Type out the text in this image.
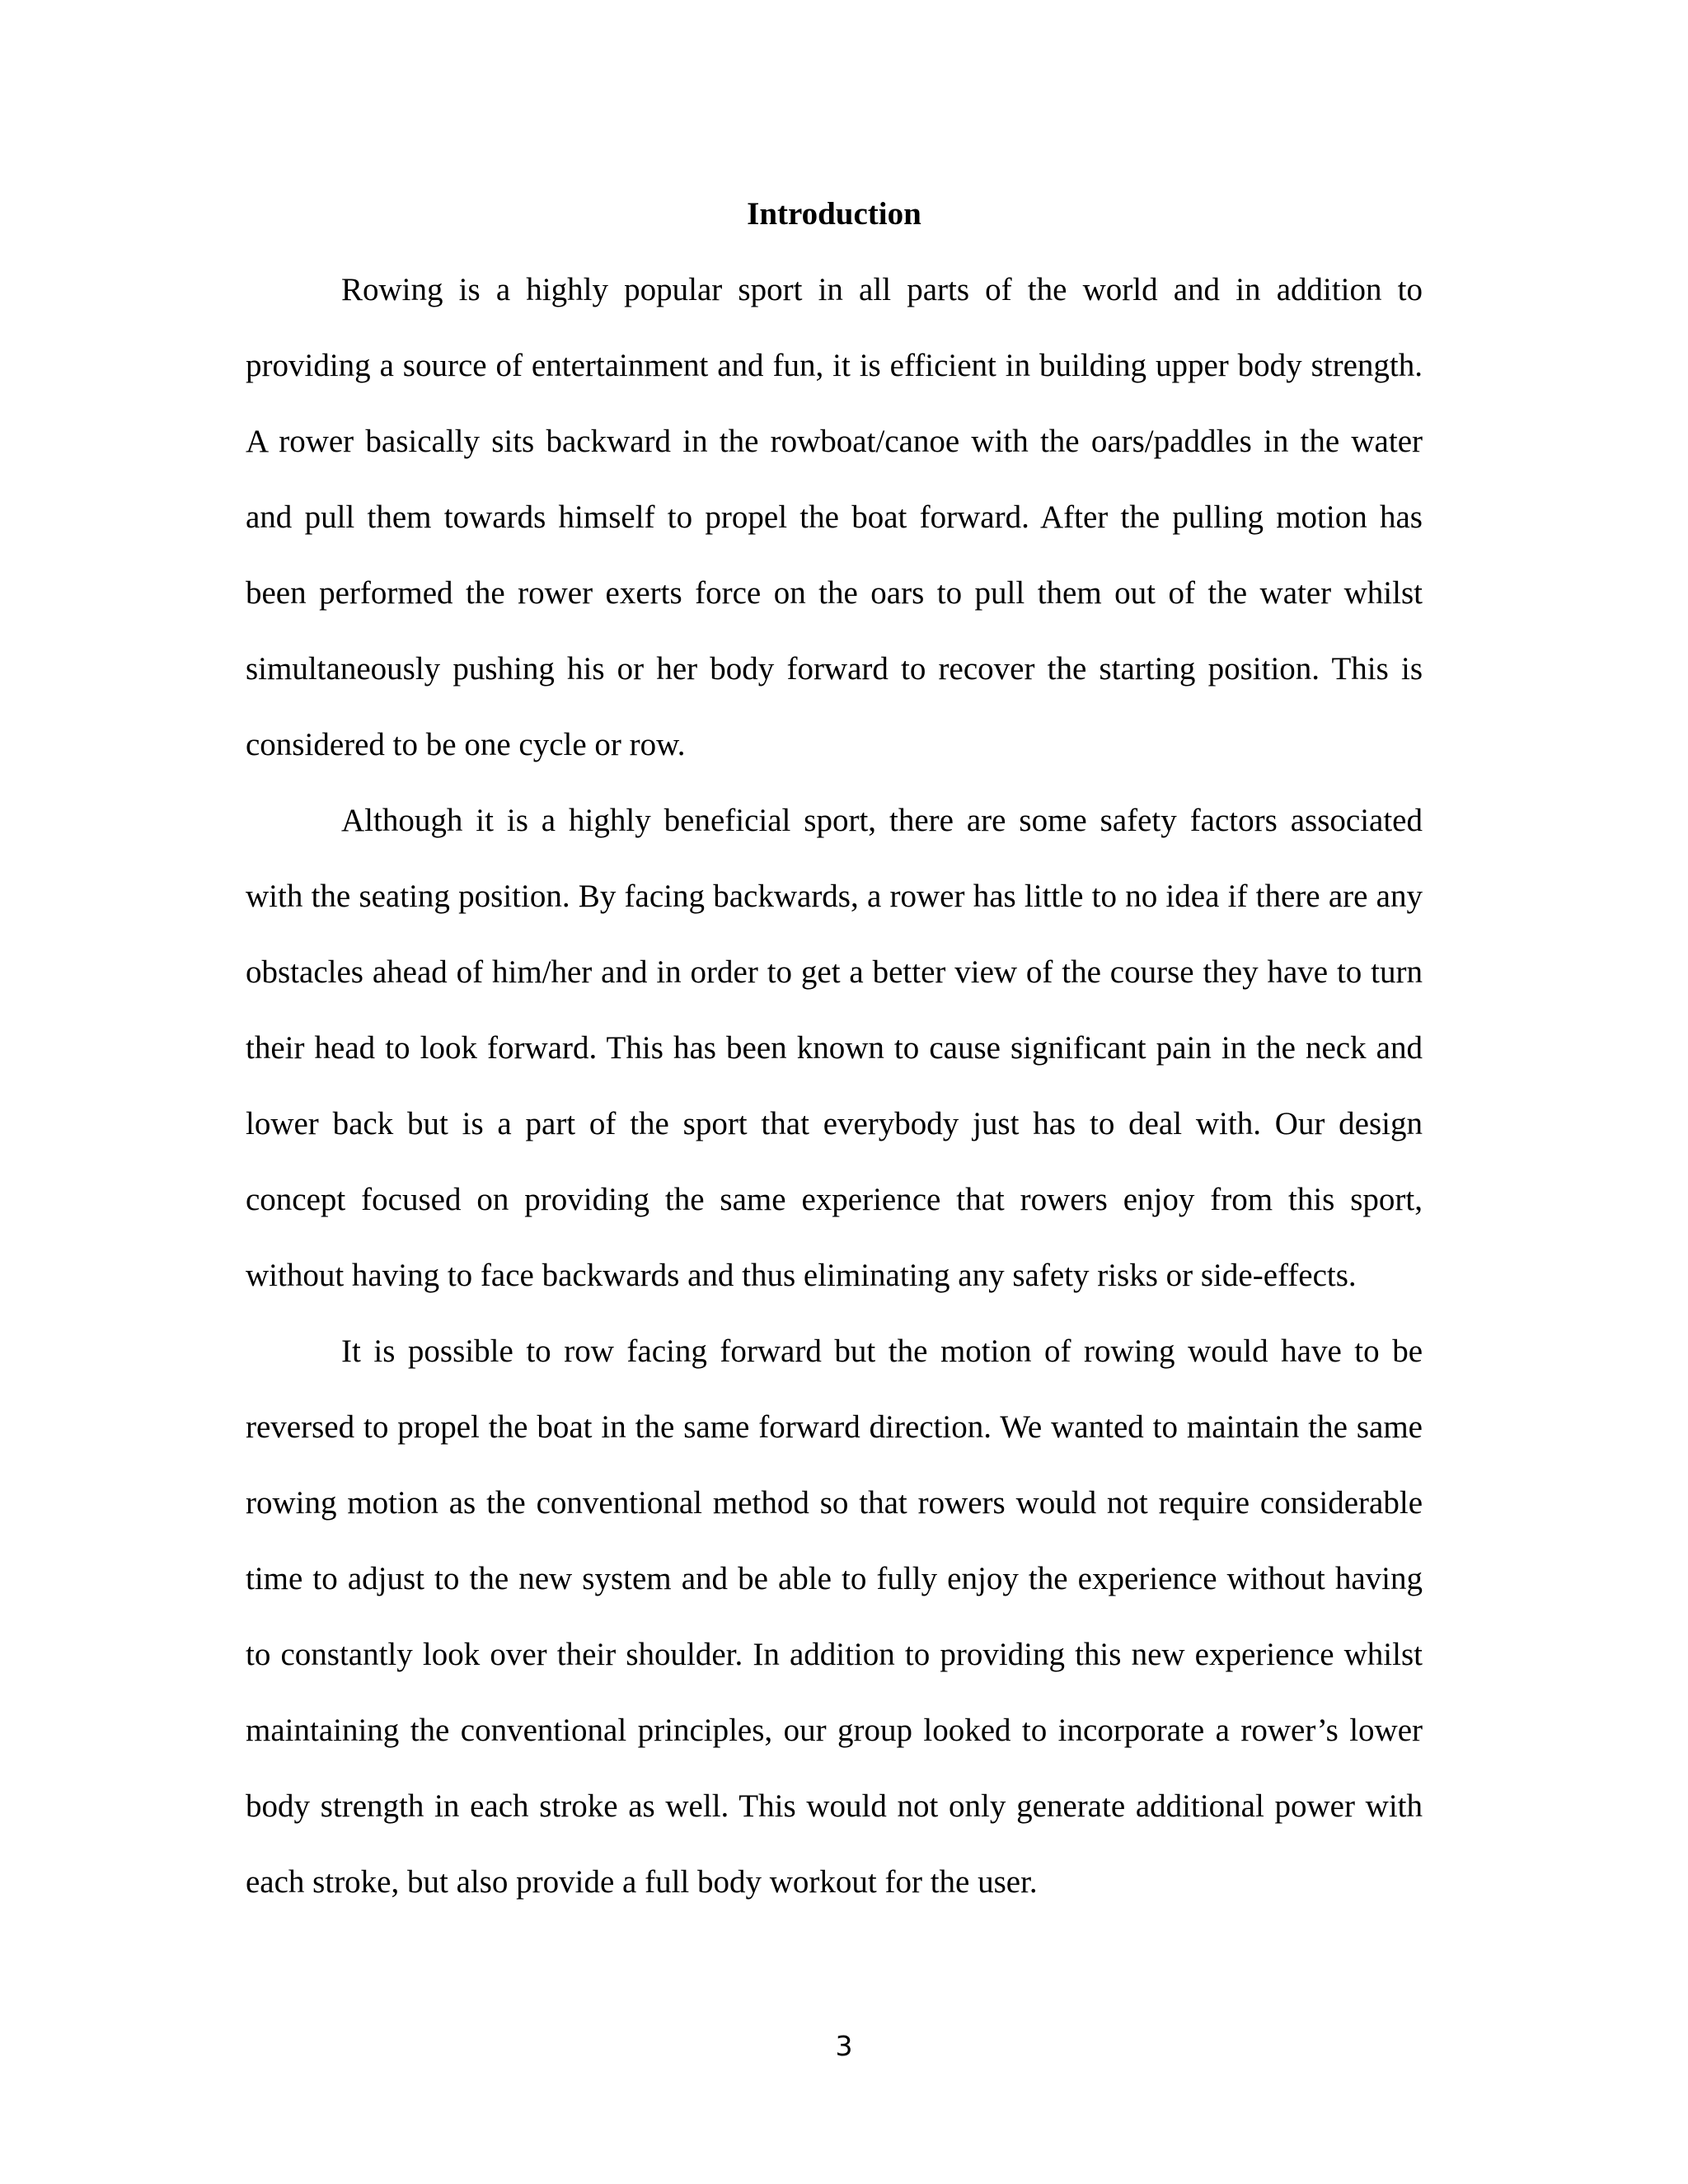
Introduction

Rowing is a highly popular sport in all parts of the world and in addition to providing a source of entertainment and fun, it is efficient in building upper body strength. A rower basically sits backward in the rowboat/canoe with the oars/paddles in the water and pull them towards himself to propel the boat forward. After the pulling motion has been performed the rower exerts force on the oars to pull them out of the water whilst simultaneously pushing his or her body forward to recover the starting position. This is considered to be one cycle or row.

Although it is a highly beneficial sport, there are some safety factors associated with the seating position. By facing backwards, a rower has little to no idea if there are any obstacles ahead of him/her and in order to get a better view of the course they have to turn their head to look forward. This has been known to cause significant pain in the neck and lower back but is a part of the sport that everybody just has to deal with. Our design concept focused on providing the same experience that rowers enjoy from this sport, without having to face backwards and thus eliminating any safety risks or side-effects.

It is possible to row facing forward but the motion of rowing would have to be reversed to propel the boat in the same forward direction. We wanted to maintain the same rowing motion as the conventional method so that rowers would not require considerable time to adjust to the new system and be able to fully enjoy the experience without having to constantly look over their shoulder. In addition to providing this new experience whilst maintaining the conventional principles, our group looked to incorporate a rower’s lower body strength in each stroke as well. This would not only generate additional power with each stroke, but also provide a full body workout for the user.

3
